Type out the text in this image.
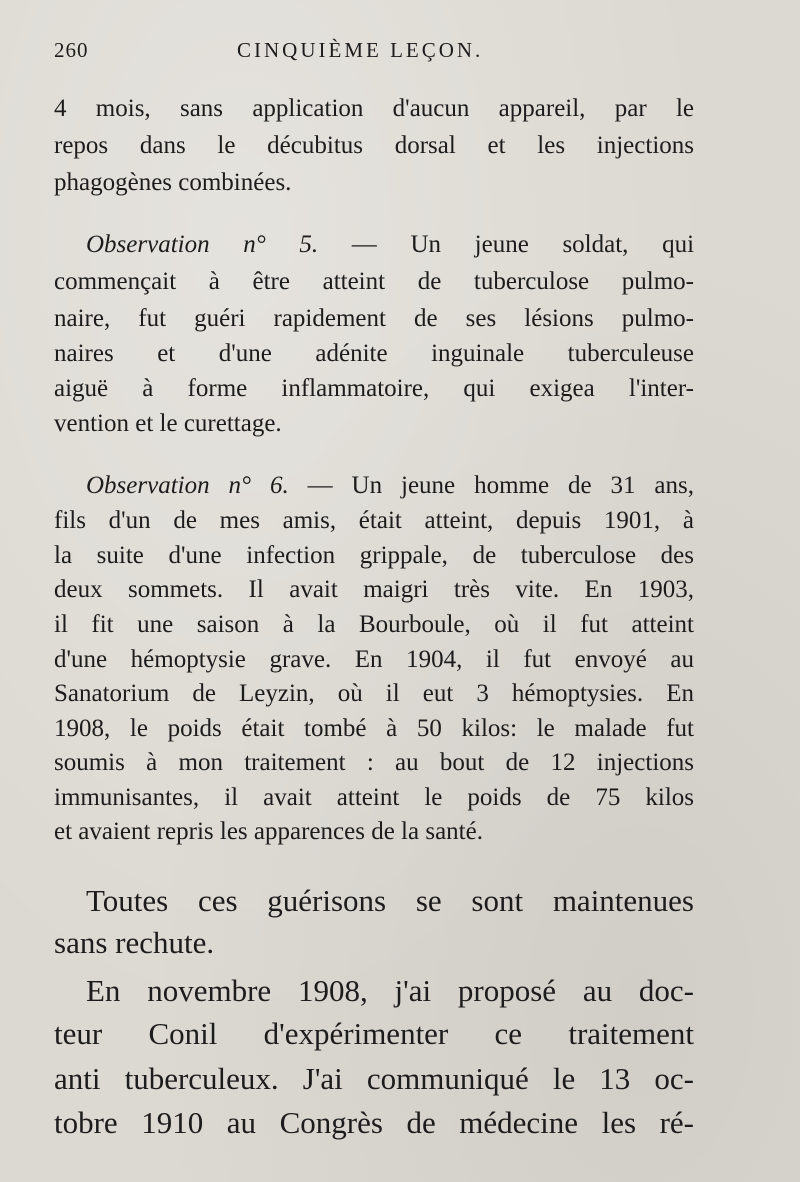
260	CINQUIÈME LEÇON.
4 mois, sans application d'aucun appareil, par le
repos dans le décubitus dorsal et les injections
phagogènes combinées.
Observation n° 5. — Un jeune soldat, qui
commençait à être atteint de tuberculose pulmo-
naire, fut guéri rapidement de ses lésions pulmo-
naires et d'une adénite inguinale tuberculeuse
aiguë à forme inflammatoire, qui exigea l'inter-
vention et le curettage.
Observation n° 6. — Un jeune homme de 31 ans,
fils d'un de mes amis, était atteint, depuis 1901, à
la suite d'une infection grippale, de tuberculose des
deux sommets. Il avait maigri très vite. En 1903,
il fit une saison à la Bourboule, où il fut atteint
d'une hémoptysie grave. En 1904, il fut envoyé au
Sanatorium de Leyzin, où il eut 3 hémoptysies. En
1908, le poids était tombé à 50 kilos: le malade fut
soumis à mon traitement : au bout de 12 injections
immunisantes, il avait atteint le poids de 75 kilos
et avaient repris les apparences de la santé.
Toutes ces guérisons se sont maintenues
sans rechute.
En novembre 1908, j'ai proposé au doc-
teur Conil d'expérimenter ce traitement
anti tuberculeux. J'ai communiqué le 13 oc-
tobre 1910 au Congrès de médecine les ré-
